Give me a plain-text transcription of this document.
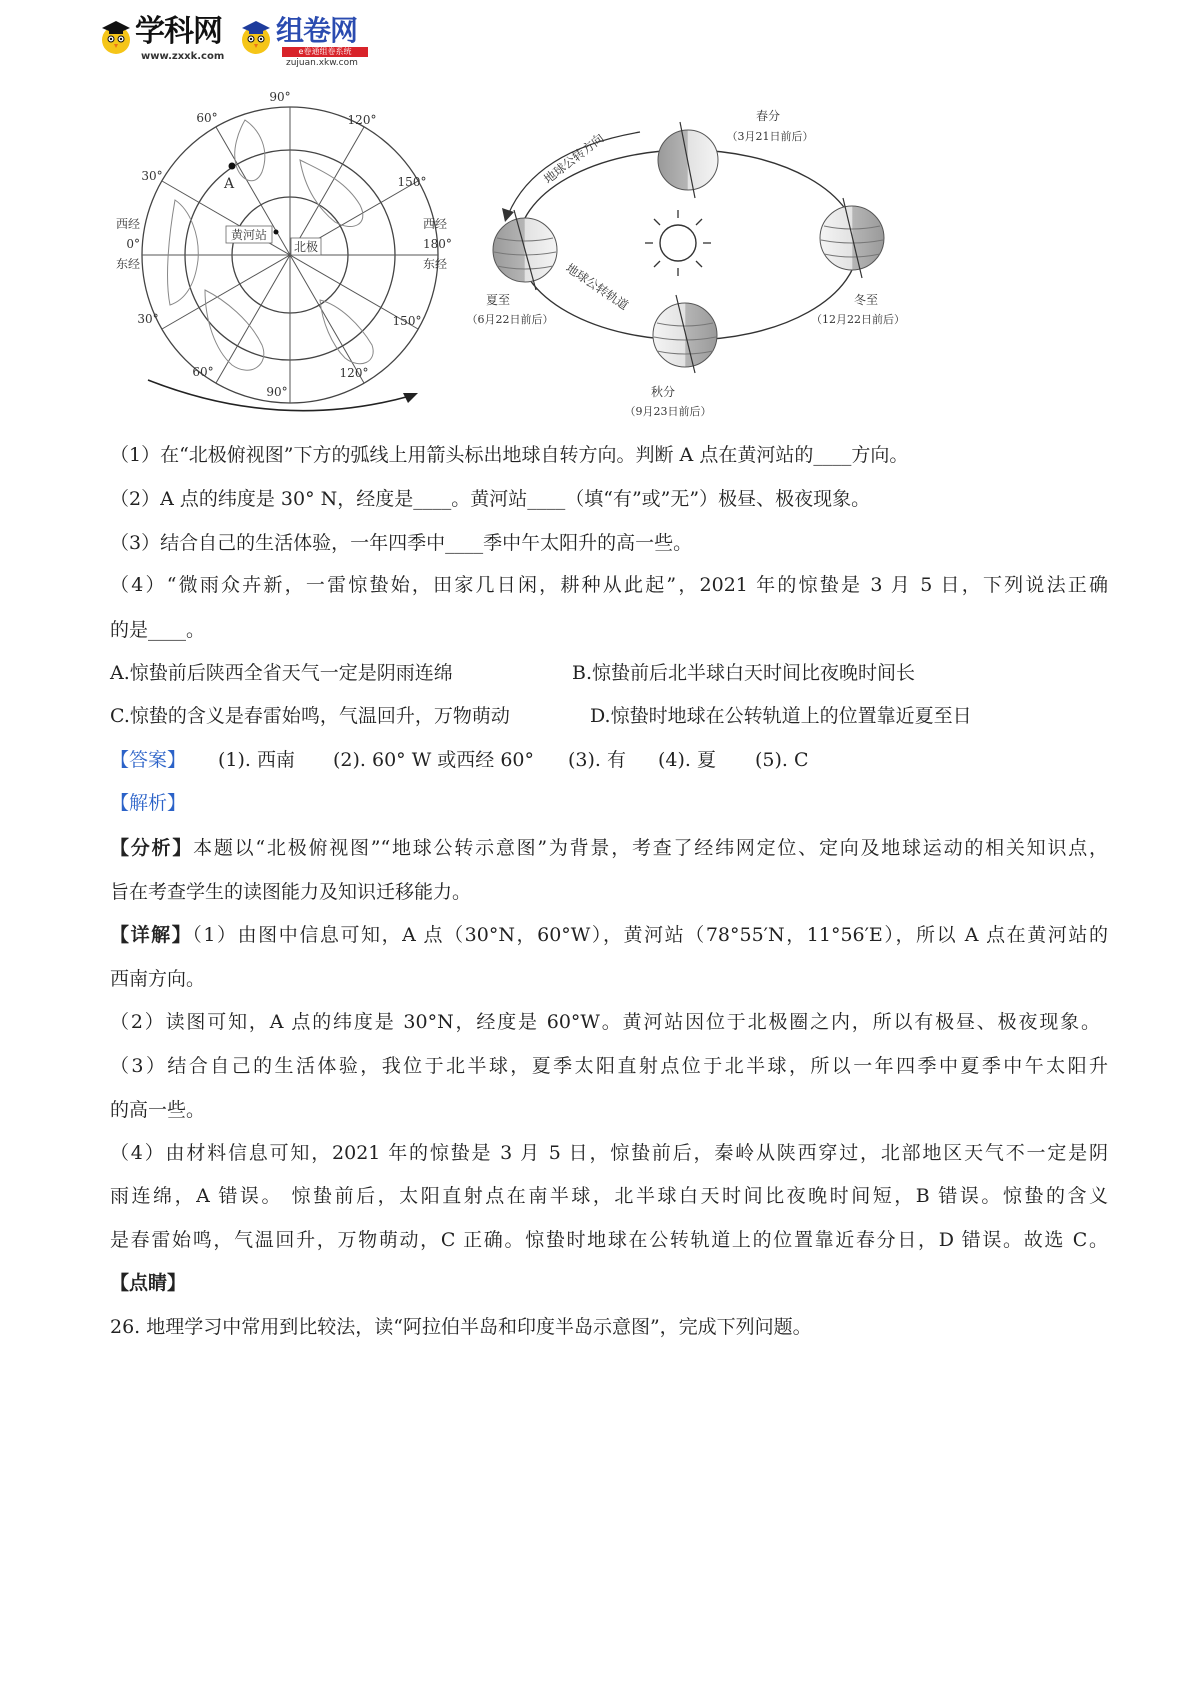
学科网
www.zxxk.com
组卷网
e卷通组卷系统
zujuan.xkw.com
90°
60°	120°
30°	150°
30°	150°
60°	120°
90°
西经
0°
东经
西经
180°
东经
A
黄河站
北极
地球公转方向
地球公转轨道
春分
（3月21日前后）
夏至
（6月22日前后）
冬至
（12月22日前后）
秋分
（9月23日前后）
（1）在“北极俯视图”下方的弧线上用箭头标出地球自转方向。判断 A 点在黄河站的____方向。
（2）A 点的纬度是 30° N，经度是____。黄河站____（填“有”或”无”）极昼、极夜现象。
（3）结合自己的生活体验，一年四季中____季中午太阳升的高一些。
（4）“微雨众卉新，一雷惊蛰始，田家几日闲，耕种从此起”，2021 年的惊蛰是 3 月 5 日，下列说法正确
的是____。
A.惊蛰前后陕西全省天气一定是阴雨连绵	B.惊蛰前后北半球白天时间比夜晚时间长
C.惊蛰的含义是春雷始鸣，气温回升，万物萌动	D.惊蛰时地球在公转轨道上的位置靠近夏至日
【答案】 (1). 西南 (2). 60° W 或西经 60° (3). 有 (4). 夏 (5). C
【解析】
【分析】本题以“北极俯视图”“地球公转示意图”为背景，考查了经纬网定位、定向及地球运动的相关知识点，
旨在考查学生的读图能力及知识迁移能力。
【详解】（1）由图中信息可知，A 点（30°N，60°W），黄河站（78°55′N，11°56′E），所以 A 点在黄河站的
西南方向。
（2）读图可知，A 点的纬度是 30°N，经度是 60°W。黄河站因位于北极圈之内，所以有极昼、极夜现象。
（3）结合自己的生活体验，我位于北半球，夏季太阳直射点位于北半球，所以一年四季中夏季中午太阳升
的高一些。
（4）由材料信息可知，2021 年的惊蛰是 3 月 5 日，惊蛰前后，秦岭从陕西穿过，北部地区天气不一定是阴
雨连绵，A 错误。 惊蛰前后，太阳直射点在南半球，北半球白天时间比夜晚时间短，B 错误。惊蛰的含义
是春雷始鸣，气温回升，万物萌动，C 正确。惊蛰时地球在公转轨道上的位置靠近春分日，D 错误。故选 C。
【点睛】
26. 地理学习中常用到比较法，读“阿拉伯半岛和印度半岛示意图”，完成下列问题。
